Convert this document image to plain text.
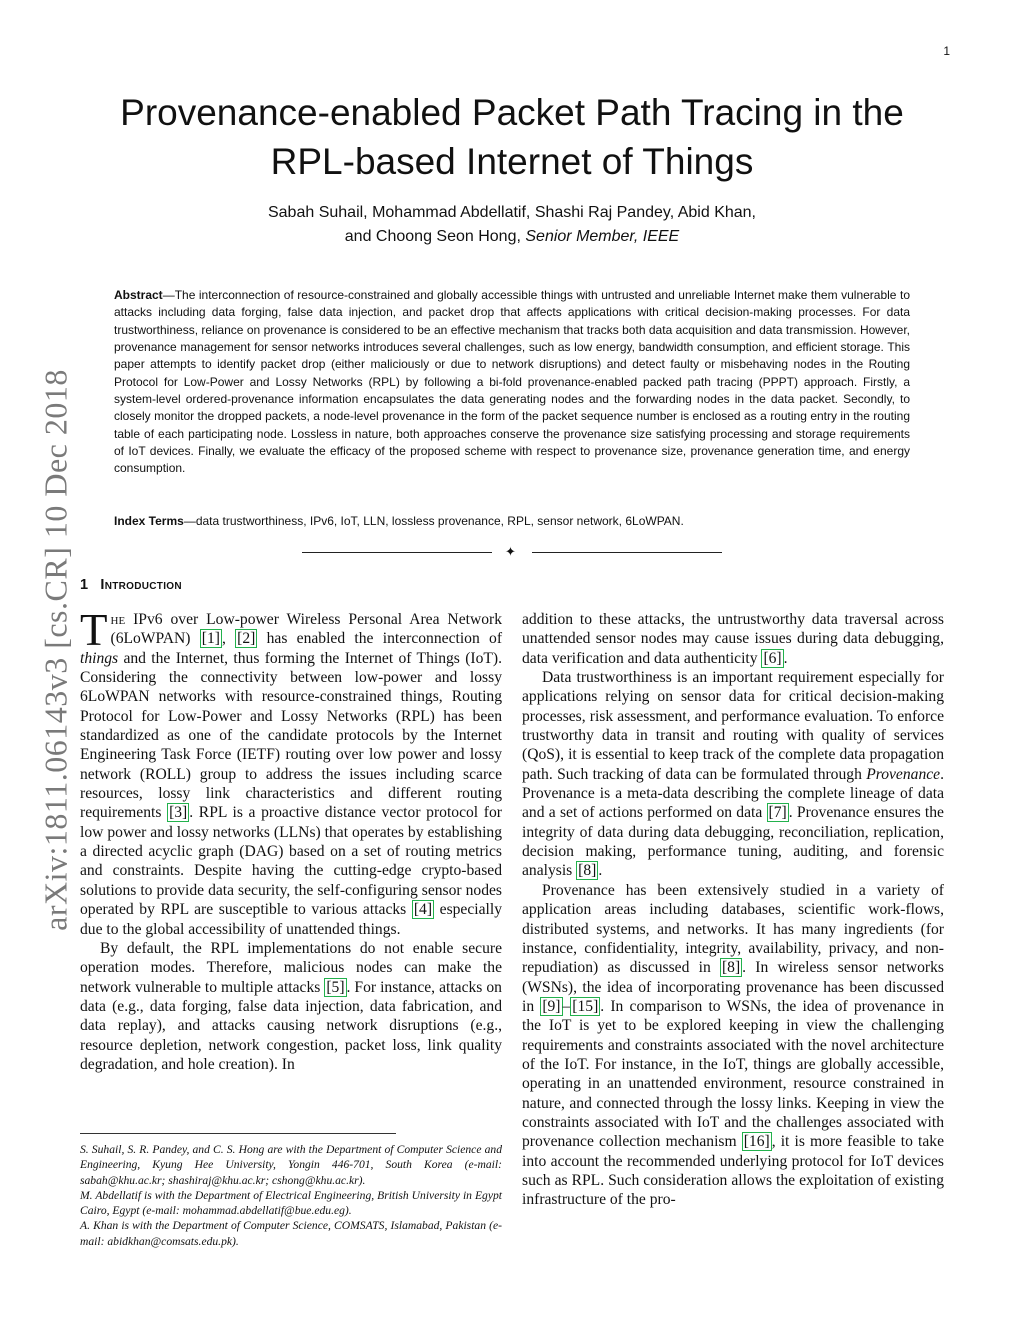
1
arXiv:1811.06143v3 [cs.CR] 10 Dec 2018
Provenance-enabled Packet Path Tracing in the
RPL-based Internet of Things
Sabah Suhail, Mohammad Abdellatif, Shashi Raj Pandey, Abid Khan,
and Choong Seon Hong, Senior Member, IEEE
Abstract—The interconnection of resource-constrained and globally accessible things with untrusted and unreliable Internet make them vulnerable to attacks including data forging, false data injection, and packet drop that affects applications with critical decision-making processes. For data trustworthiness, reliance on provenance is considered to be an effective mechanism that tracks both data acquisition and data transmission. However, provenance management for sensor networks introduces several challenges, such as low energy, bandwidth consumption, and efficient storage. This paper attempts to identify packet drop (either maliciously or due to network disruptions) and detect faulty or misbehaving nodes in the Routing Protocol for Low-Power and Lossy Networks (RPL) by following a bi-fold provenance-enabled packed path tracing (PPPT) approach. Firstly, a system-level ordered-provenance information encapsulates the data generating nodes and the forwarding nodes in the data packet. Secondly, to closely monitor the dropped packets, a node-level provenance in the form of the packet sequence number is enclosed as a routing entry in the routing table of each participating node. Lossless in nature, both approaches conserve the provenance size satisfying processing and storage requirements of IoT devices. Finally, we evaluate the efficacy of the proposed scheme with respect to provenance size, provenance generation time, and energy consumption.
Index Terms—data trustworthiness, IPv6, IoT, LLN, lossless provenance, RPL, sensor network, 6LoWPAN.
✦
1 Introduction

The IPv6 over Low-power Wireless Personal Area Network (6LoWPAN) [1] , [2] has enabled the interconnection of things and the Internet, thus forming the Internet of Things (IoT). Considering the connectivity between low-power and lossy 6LoWPAN networks with resource-constrained things, Routing Protocol for Low-Power and Lossy Networks (RPL) has been standardized as one of the candidate protocols by the Internet Engineering Task Force (IETF) routing over low power and lossy network (ROLL) group to address the issues including scarce resources, lossy link characteristics and different routing requirements [3] . RPL is a proactive distance vector protocol for low power and lossy networks (LLNs) that operates by establishing a directed acyclic graph (DAG) based on a set of routing metrics and constraints. Despite having the cutting-edge crypto-based solutions to provide data security, the self-configuring sensor nodes operated by RPL are susceptible to various attacks [4] especially due to the global accessibility of unattended things.

By default, the RPL implementations do not enable secure operation modes. Therefore, malicious nodes can make the network vulnerable to multiple attacks [5] . For instance, attacks on data (e.g., data forging, false data injection, data fabrication, and data replay), and attacks causing network disruptions (e.g., resource depletion, network congestion, packet loss, link quality degradation, and hole creation). In

S. Suhail, S. R. Pandey, and C. S. Hong are with the Department of Computer Science and Engineering, Kyung Hee University, Yongin 446-701, South Korea (e-mail: sabah@khu.ac.kr; shashiraj@khu.ac.kr; cshong@khu.ac.kr).

M. Abdellatif is with the Department of Electrical Engineering, British University in Egypt Cairo, Egypt (e-mail: mohammad.abdellatif@bue.edu.eg).

A. Khan is with the Department of Computer Science, COMSATS, Islamabad, Pakistan (e-mail: abidkhan@comsats.edu.pk).

addition to these attacks, the untrustworthy data traversal across unattended sensor nodes may cause issues during data debugging, data verification and data authenticity [6] .

Data trustworthiness is an important requirement especially for applications relying on sensor data for critical decision-making processes, risk assessment, and performance evaluation. To enforce trustworthy data in transit and routing with quality of services (QoS), it is essential to keep track of the complete data propagation path. Such tracking of data can be formulated through Provenance. Provenance is a meta-data describing the complete lineage of data and a set of actions performed on data [7] . Provenance ensures the integrity of data during data debugging, reconciliation, replication, decision making, performance tuning, auditing, and forensic analysis [8] .

Provenance has been extensively studied in a variety of application areas including databases, scientific work-flows, distributed systems, and networks. It has many ingredients (for instance, confidentiality, integrity, availability, privacy, and non-repudiation) as discussed in [8] . In wireless sensor networks (WSNs), the idea of incorporating provenance has been discussed in [9] – [15] . In comparison to WSNs, the idea of provenance in the IoT is yet to be explored keeping in view the challenging requirements and constraints associated with the novel architecture of the IoT. For instance, in the IoT, things are globally accessible, operating in an unattended environment, resource constrained in nature, and connected through the lossy links. Keeping in view the constraints associated with IoT and the challenges associated with provenance collection mechanism [16] , it is more feasible to take into account the recommended underlying protocol for IoT devices such as RPL. Such consideration allows the exploitation of existing infrastructure of the pro-
